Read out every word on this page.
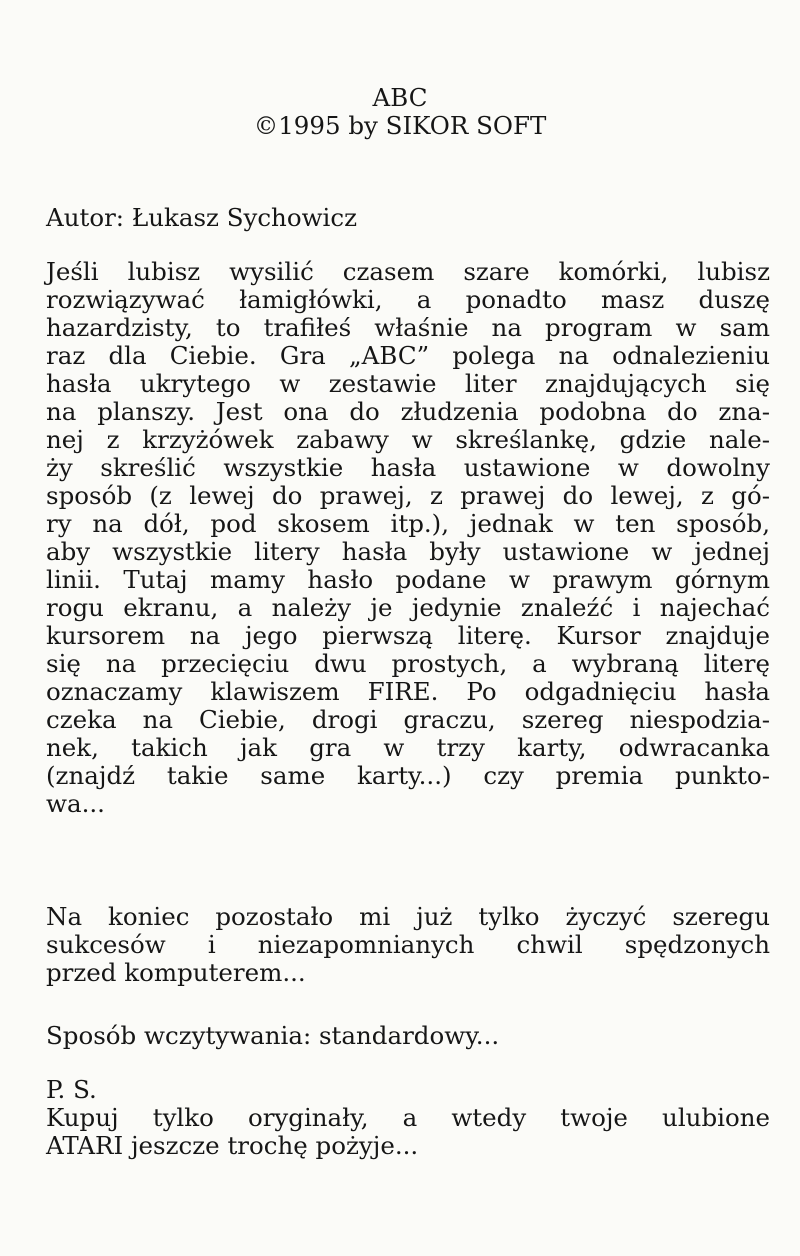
ABC
©1995 by SIKOR SOFT
Autor: Łukasz Sychowicz
Jeśli lubisz wysilić czasem szare komórki, lubisz
rozwiązywać łamigłówki, a ponadto masz duszę
hazardzisty, to trafiłeś właśnie na program w sam
raz dla Ciebie. Gra „ABC” polega na odnalezieniu
hasła ukrytego w zestawie liter znajdujących się
na planszy. Jest ona do złudzenia podobna do zna-
nej z krzyżówek zabawy w skreślankę, gdzie nale-
ży skreślić wszystkie hasła ustawione w dowolny
sposób (z lewej do prawej, z prawej do lewej, z gó-
ry na dół, pod skosem itp.), jednak w ten sposób,
aby wszystkie litery hasła były ustawione w jednej
linii. Tutaj mamy hasło podane w prawym górnym
rogu ekranu, a należy je jedynie znaleźć i najechać
kursorem na jego pierwszą literę. Kursor znajduje
się na przecięciu dwu prostych, a wybraną literę
oznaczamy klawiszem FIRE. Po odgadnięciu hasła
czeka na Ciebie, drogi graczu, szereg niespodzia-
nek, takich jak gra w trzy karty, odwracanka
(znajdź takie same karty...) czy premia punkto-
wa...
Na koniec pozostało mi już tylko życzyć szeregu
sukcesów i niezapomnianych chwil spędzonych
przed komputerem...
Sposób wczytywania: standardowy...
P. S.
Kupuj tylko oryginały, a wtedy twoje ulubione
ATARI jeszcze trochę pożyje...
